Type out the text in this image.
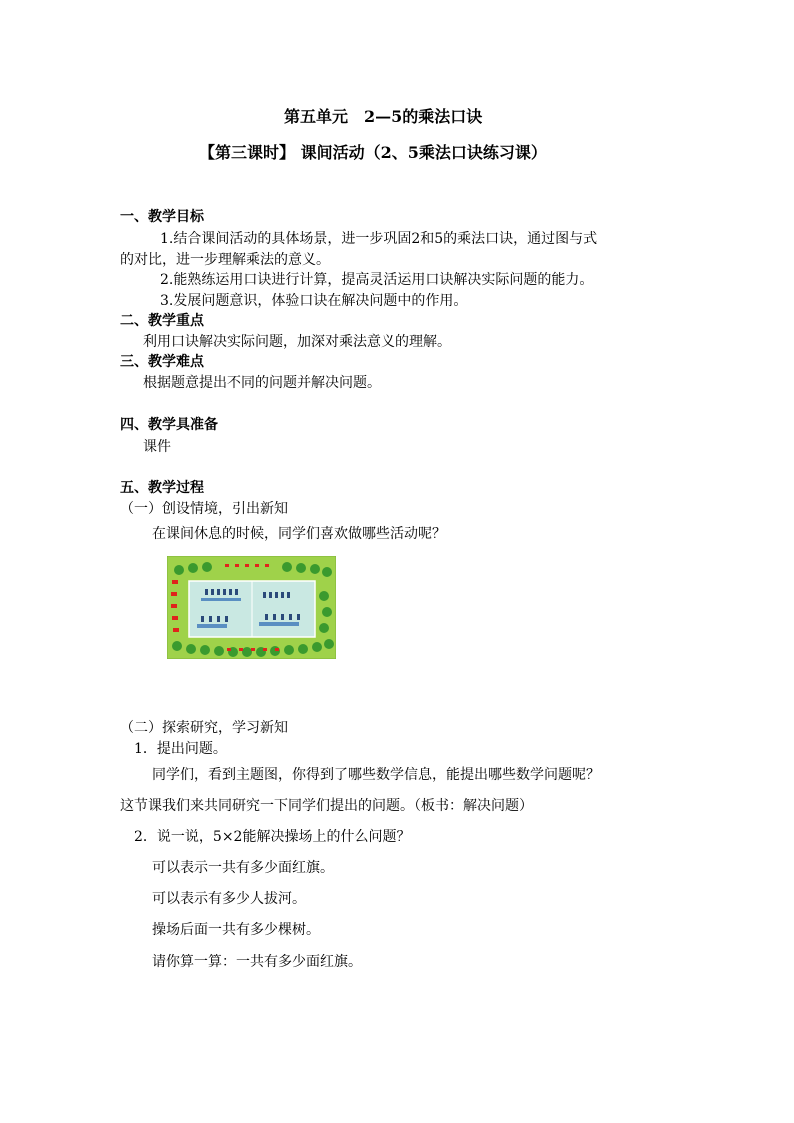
第五单元　2—5的乘法口诀
【第三课时】 课间活动（2、5乘法口诀练习课）
一、教学目标
1.结合课间活动的具体场景，进一步巩固2和5的乘法口诀，通过图与式
的对比，进一步理解乘法的意义。
2.能熟练运用口诀进行计算，提高灵活运用口诀解决实际问题的能力。
3.发展问题意识，体验口诀在解决问题中的作用。
二、教学重点
利用口诀解决实际问题，加深对乘法意义的理解。
三、教学难点
根据题意提出不同的问题并解决问题。
四、教学具准备
课件
五、教学过程
（一）创设情境，引出新知
在课间休息的时候，同学们喜欢做哪些活动呢？
（二）探索研究，学习新知
1．提出问题。
同学们，看到主题图，你得到了哪些数学信息，能提出哪些数学问题呢？
这节课我们来共同研究一下同学们提出的问题。（板书：解决问题）
2．说一说，5×2能解决操场上的什么问题？
可以表示一共有多少面红旗。
可以表示有多少人拔河。
操场后面一共有多少棵树。
请你算一算：一共有多少面红旗。
